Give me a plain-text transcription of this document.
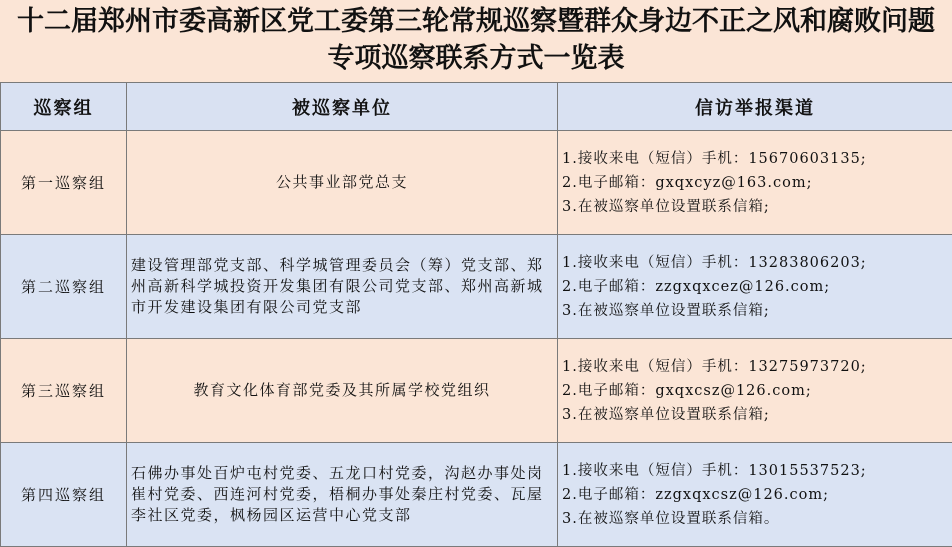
十二届郑州市委高新区党工委第三轮常规巡察暨群众身边不正之风和腐败问题
专项巡察联系方式一览表
巡察组	被巡察单位	信访举报渠道
第一巡察组	公共事业部党总支	1.接收来电（短信）手机：15670603135;
2.电子邮箱：gxqxcyz@163.com;
3.在被巡察单位设置联系信箱;

第二巡察组	建设管理部党支部、科学城管理委员会（筹）党支部、郑州高新科学城投资开发集团有限公司党支部、郑州高新城市开发建设集团有限公司党支部	1.接收来电（短信）手机：13283806203;
2.电子邮箱：zzgxqxcez@126.com;
3.在被巡察单位设置联系信箱;

第三巡察组	教育文化体育部党委及其所属学校党组织	1.接收来电（短信）手机：13275973720;
2.电子邮箱：gxqxcsz@126.com;
3.在被巡察单位设置联系信箱;

第四巡察组	石佛办事处百炉屯村党委、五龙口村党委，沟赵办事处岗崔村党委、西连河村党委，梧桐办事处秦庄村党委、瓦屋李社区党委，枫杨园区运营中心党支部	1.接收来电（短信）手机：13015537523;
2.电子邮箱：zzgxqxcsz@126.com;
3.在被巡察单位设置联系信箱。
